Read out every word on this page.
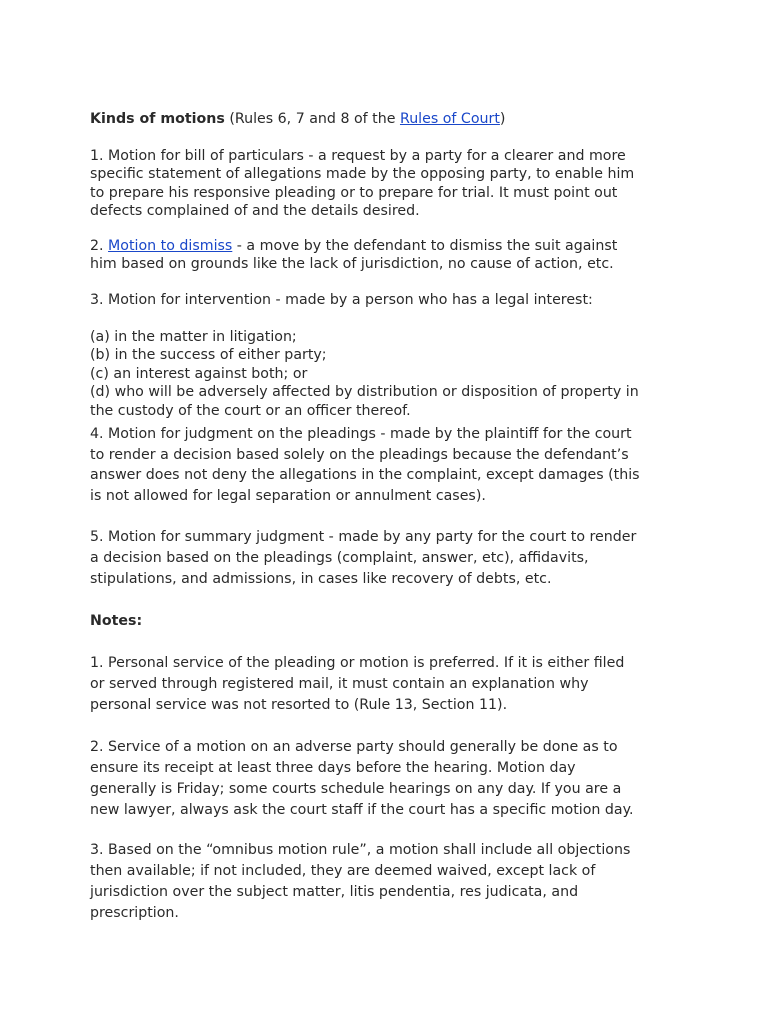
Kinds of motions (Rules 6, 7 and 8 of the Rules of Court)

1. Motion for bill of particulars - a request by a party for a clearer and more
specific statement of allegations made by the opposing party, to enable him
to prepare his responsive pleading or to prepare for trial. It must point out
defects complained of and the details desired.

2. Motion to dismiss - a move by the defendant to dismiss the suit against
him based on grounds like the lack of jurisdiction, no cause of action, etc.

3. Motion for intervention - made by a person who has a legal interest:

(a) in the matter in litigation;
(b) in the success of either party;
(c) an interest against both; or
(d) who will be adversely affected by distribution or disposition of property in
the custody of the court or an officer thereof.

4. Motion for judgment on the pleadings - made by the plaintiff for the court
to render a decision based solely on the pleadings because the defendant’s
answer does not deny the allegations in the complaint, except damages (this
is not allowed for legal separation or annulment cases).

5. Motion for summary judgment - made by any party for the court to render
a decision based on the pleadings (complaint, answer, etc), affidavits,
stipulations, and admissions, in cases like recovery of debts, etc.

Notes:

1. Personal service of the pleading or motion is preferred. If it is either filed
or served through registered mail, it must contain an explanation why
personal service was not resorted to (Rule 13, Section 11).

2. Service of a motion on an adverse party should generally be done as to
ensure its receipt at least three days before the hearing. Motion day
generally is Friday; some courts schedule hearings on any day. If you are a
new lawyer, always ask the court staff if the court has a specific motion day.

3. Based on the “omnibus motion rule”, a motion shall include all objections
then available; if not included, they are deemed waived, except lack of
jurisdiction over the subject matter, litis pendentia, res judicata, and
prescription.
